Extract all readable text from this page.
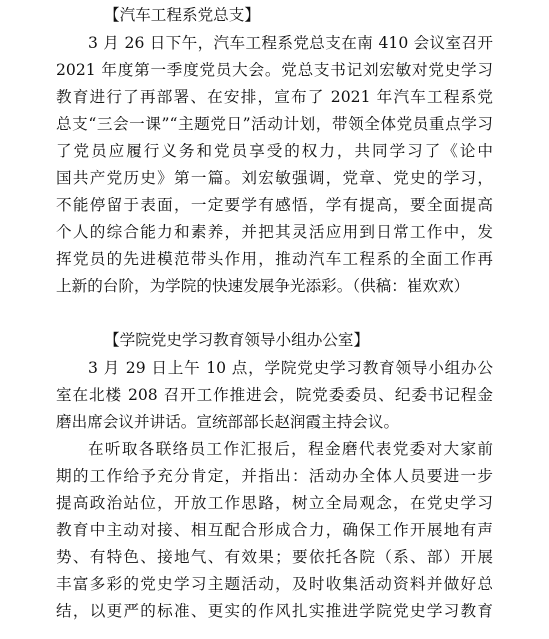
【汽车工程系党总支】
3 月 26 日下午，汽车工程系党总支在南 410 会议室召开
2021 年度第一季度党员大会。党总支书记刘宏敏对党史学习
教育进行了再部署、在安排，宣布了 2021 年汽车工程系党
总支“三会一课”“主题党日”活动计划，带领全体党员重点学习
了党员应履行义务和党员享受的权力，共同学习了《论中
国共产党历史》第一篇。刘宏敏强调，党章、党史的学习，
不能停留于表面，一定要学有感悟，学有提高，要全面提高
个人的综合能力和素养，并把其灵活应用到日常工作中，发
挥党员的先进模范带头作用，推动汽车工程系的全面工作再
上新的台阶，为学院的快速发展争光添彩。（供稿：崔欢欢）
【学院党史学习教育领导小组办公室】
3 月 29 日上午 10 点，学院党史学习教育领导小组办公
室在北楼 208 召开工作推进会，院党委委员、纪委书记程金
磨出席会议并讲话。宣统部部长赵润霞主持会议。
在听取各联络员工作汇报后，程金磨代表党委对大家前
期的工作给予充分肯定，并指出：活动办全体人员要进一步
提高政治站位，开放工作思路，树立全局观念，在党史学习
教育中主动对接、相互配合形成合力，确保工作开展地有声
势、有特色、接地气、有效果；要依托各院（系、部）开展
丰富多彩的党史学习主题活动，及时收集活动资料并做好总
结，以更严的标准、更实的作风扎实推进学院党史学习教育
